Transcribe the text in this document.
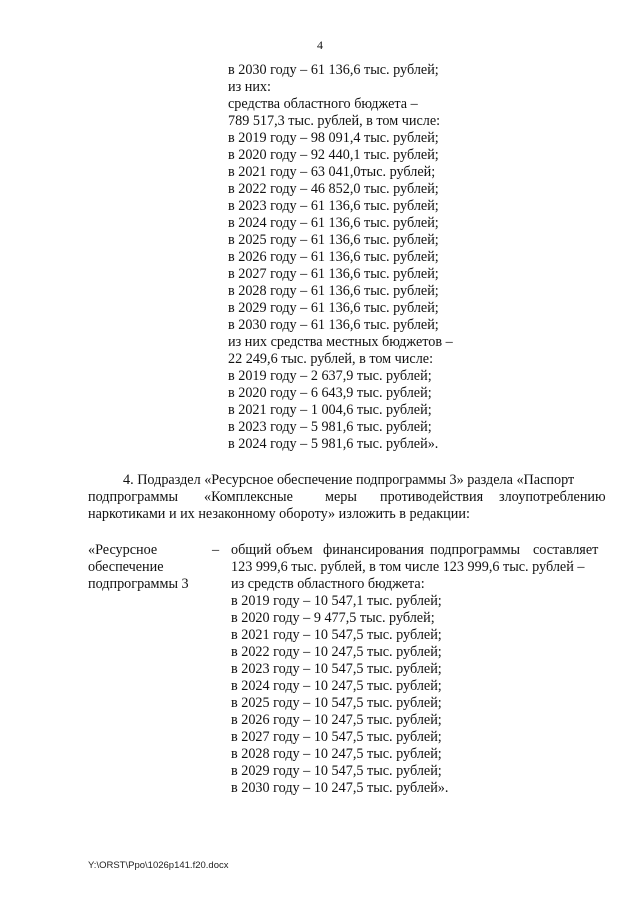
4
в 2030 году – 61 136,6 тыс. рублей;
из них:
средства областного бюджета –
789 517,3 тыс. рублей, в том числе:
в 2019 году – 98 091,4 тыс. рублей;
в 2020 году – 92 440,1 тыс. рублей;
в 2021 году – 63 041,0тыс. рублей;
в 2022 году – 46 852,0 тыс. рублей;
в 2023 году – 61 136,6 тыс. рублей;
в 2024 году – 61 136,6 тыс. рублей;
в 2025 году – 61 136,6 тыс. рублей;
в 2026 году – 61 136,6 тыс. рублей;
в 2027 году – 61 136,6 тыс. рублей;
в 2028 году – 61 136,6 тыс. рублей;
в 2029 году – 61 136,6 тыс. рублей;
в 2030 году – 61 136,6 тыс. рублей;
из них средства местных бюджетов –
22 249,6 тыс. рублей, в том числе:
в 2019 году – 2 637,9 тыс. рублей;
в 2020 году – 6 643,9 тыс. рублей;
в 2021 году – 1 004,6 тыс. рублей;
в 2023 году – 5 981,6 тыс. рублей;
в 2024 году – 5 981,6 тыс. рублей».
4. Подраздел «Ресурсное обеспечение подпрограммы 3» раздела «Паспорт
подпрограммы «Комплексные меры противодействия злоупотреблению
наркотиками и их незаконному обороту» изложить в редакции:
«Ресурсное
обеспечение
подпрограммы 3
– общий объем финансирования подпрограммы составляет
123 999,6 тыс. рублей, в том числе 123 999,6 тыс. рублей –
из средств областного бюджета:
в 2019 году – 10 547,1 тыс. рублей;
в 2020 году – 9 477,5 тыс. рублей;
в 2021 году – 10 547,5 тыс. рублей;
в 2022 году – 10 247,5 тыс. рублей;
в 2023 году – 10 547,5 тыс. рублей;
в 2024 году – 10 247,5 тыс. рублей;
в 2025 году – 10 547,5 тыс. рублей;
в 2026 году – 10 247,5 тыс. рублей;
в 2027 году – 10 547,5 тыс. рублей;
в 2028 году – 10 247,5 тыс. рублей;
в 2029 году – 10 547,5 тыс. рублей;
в 2030 году – 10 247,5 тыс. рублей».
Y:\ORST\Ppo\1026p141.f20.docx
